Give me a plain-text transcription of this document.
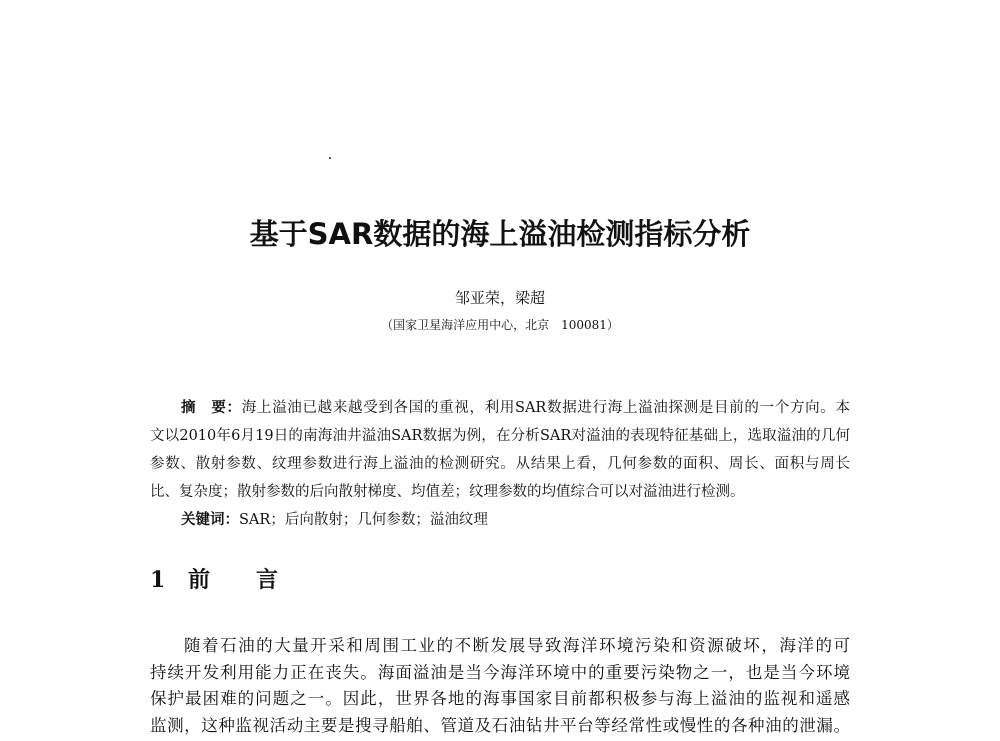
基于SAR数据的海上溢油检测指标分析
邹亚荣，梁超
（国家卫星海洋应用中心，北京　100081）
摘　要：海上溢油已越来越受到各国的重视，利用SAR数据进行海上溢油探测是目前的一个方向。本
文以2010年6月19日的南海油井溢油SAR数据为例，在分析SAR对溢油的表现特征基础上，选取溢油的几何
参数、散射参数、纹理参数进行海上溢油的检测研究。从结果上看，几何参数的面积、周长、面积与周长
比、复杂度；散射参数的后向散射梯度、均值差；纹理参数的均值综合可以对溢油进行检测。
关键词：SAR；后向散射；几何参数；溢油纹理
1 前言
随着石油的大量开采和周围工业的不断发展导致海洋环境污染和资源破坏，海洋的可
持续开发利用能力正在丧失。海面溢油是当今海洋环境中的重要污染物之一，也是当今环境
保护最困难的问题之一。因此，世界各地的海事国家目前都积极参与海上溢油的监视和遥感
监测，这种监视活动主要是搜寻船舶、管道及石油钻井平台等经常性或慢性的各种油的泄漏。
